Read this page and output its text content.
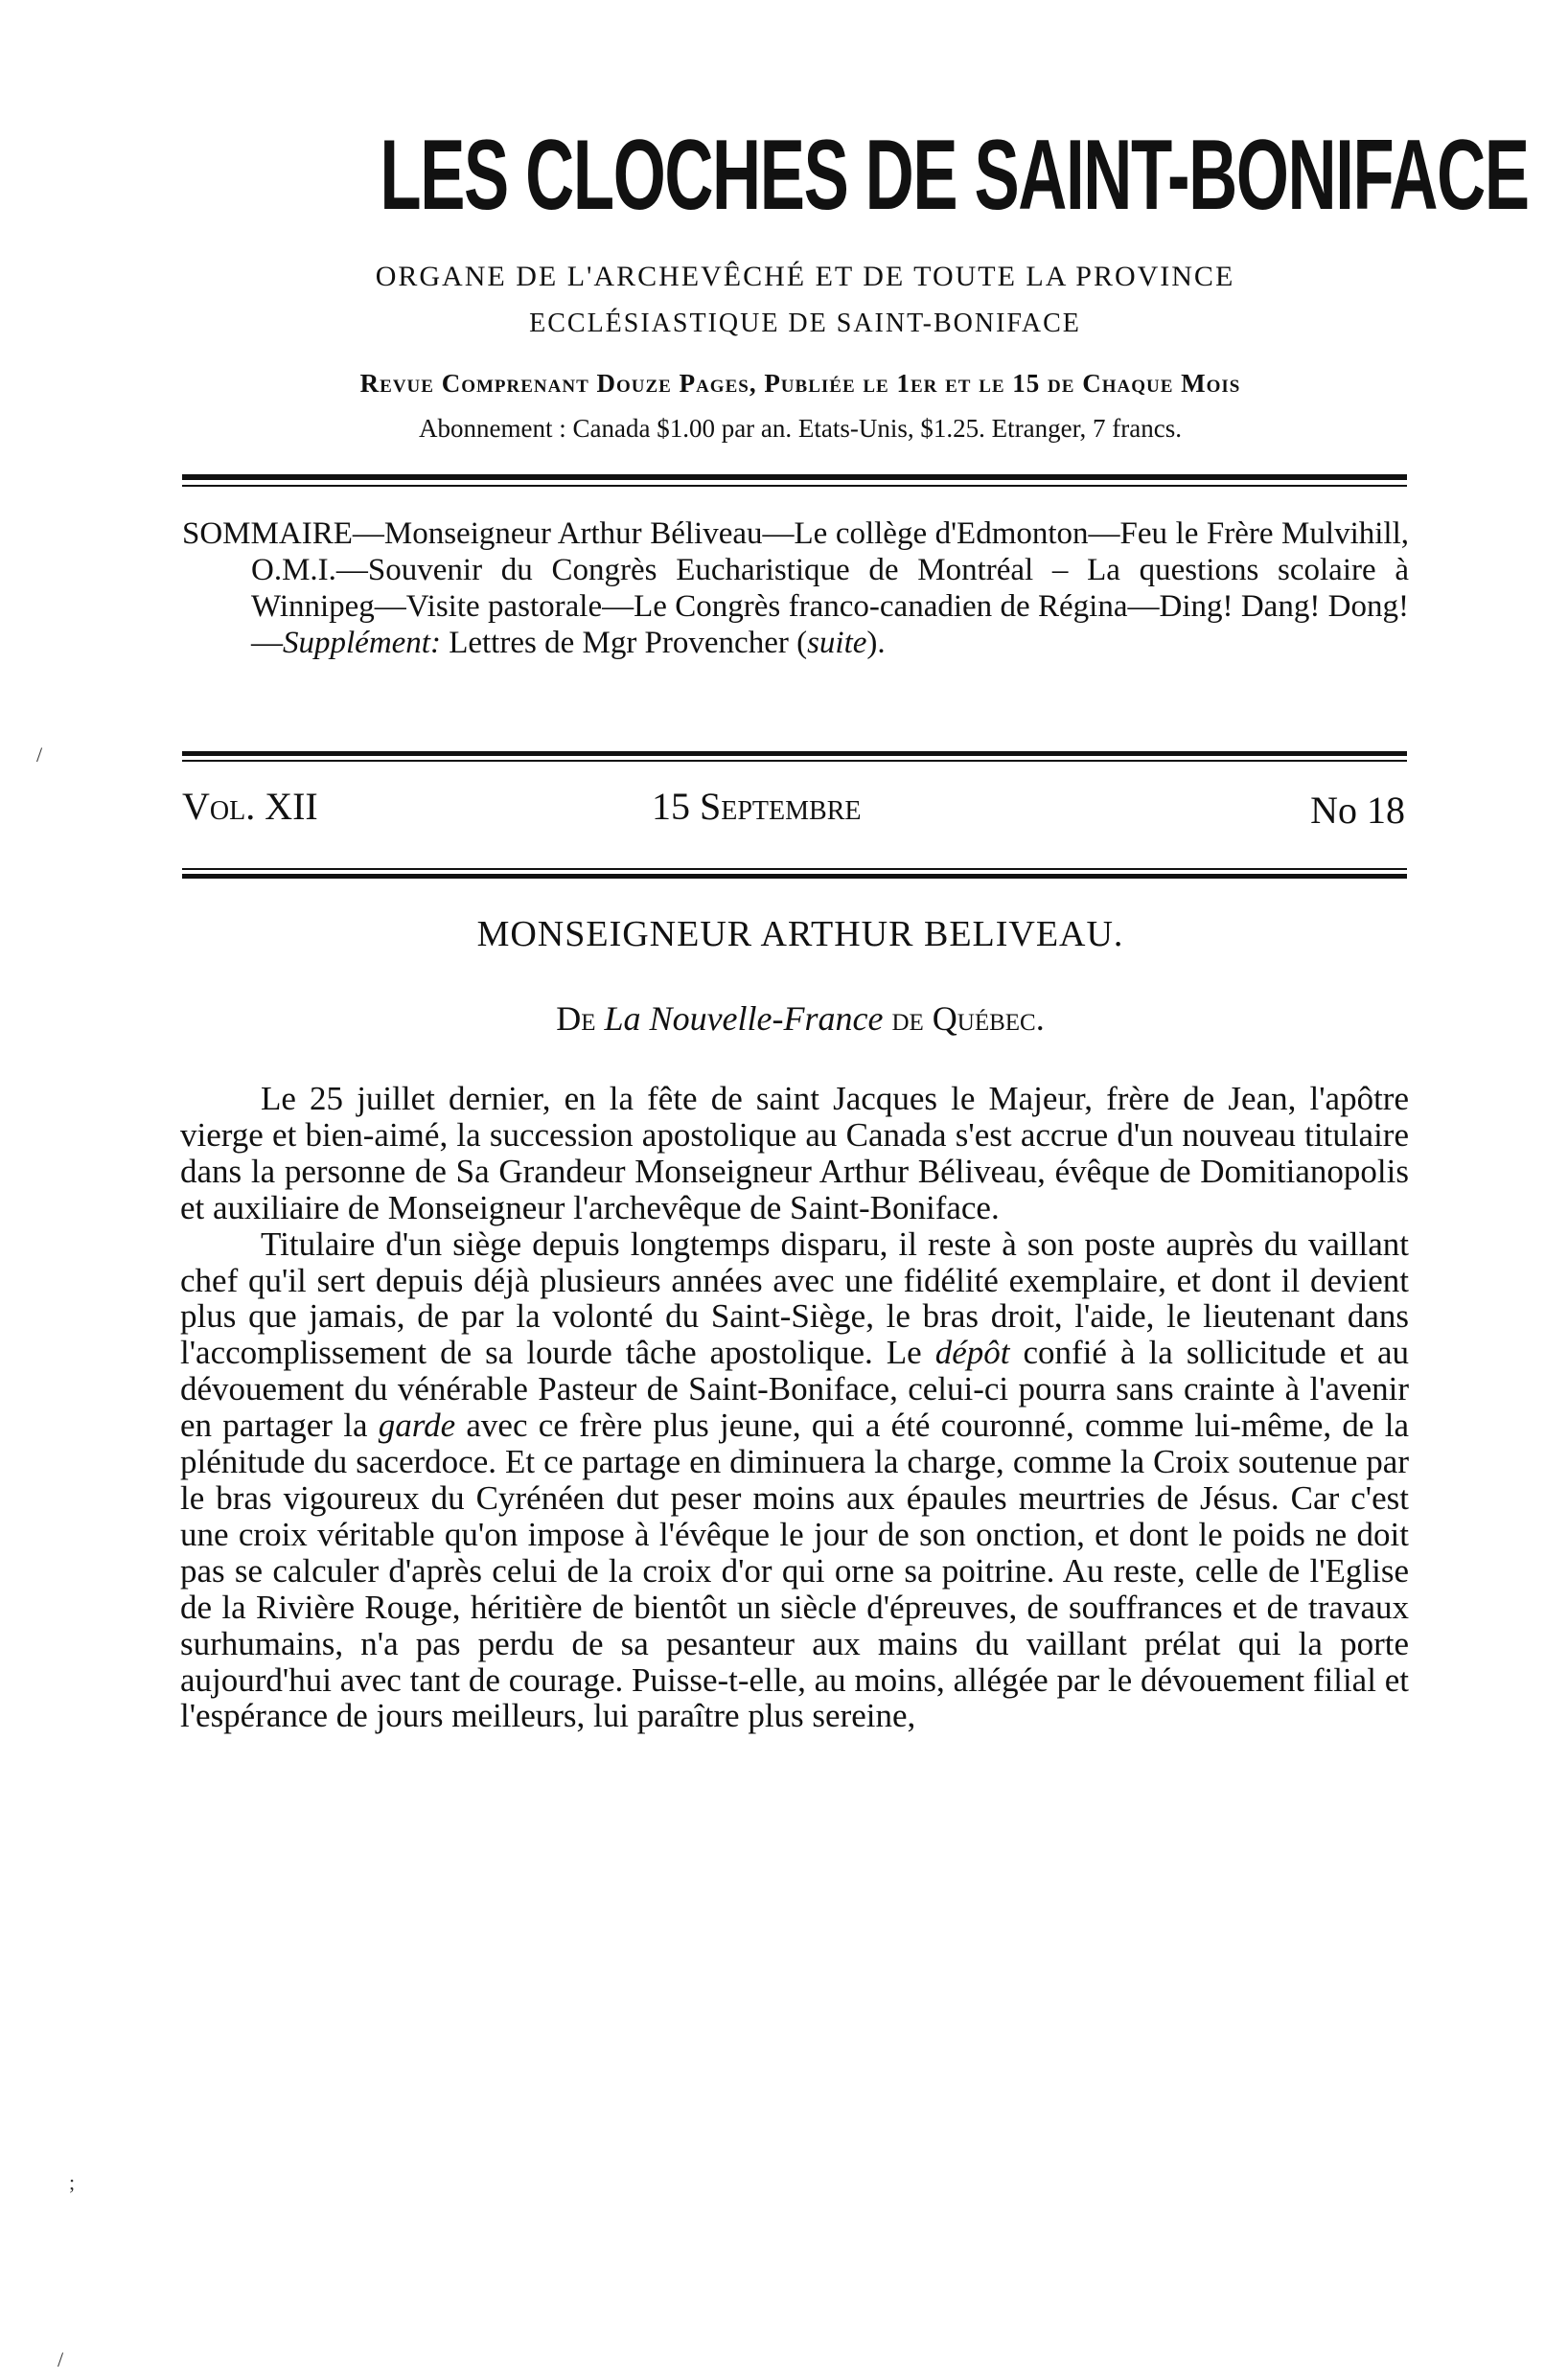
LES CLOCHES DE SAINT-BONIFACE
ORGANE DE L'ARCHEVÊCHÉ ET DE TOUTE LA PROVINCE
ECCLÉSIASTIQUE DE SAINT-BONIFACE
Revue Comprenant Douze Pages, Publiée le 1er et le 15 de Chaque Mois
Abonnement : Canada $1.00 par an. Etats-Unis, $1.25. Etranger, 7 francs.

SOMMAIRE—Monseigneur Arthur Béliveau—Le collège d'Edmonton—Feu le Frère Mulvihill, O.M.I.—Souvenir du Congrès Eucharistique de Montréal – La questions scolaire à Winnipeg—Visite pastorale—Le Congrès franco-canadien de Régina—Ding! Dang! Dong!—Supplément: Lettres de Mgr Provencher (suite).

Vol. XII	15 Septembre	No 18
MONSEIGNEUR ARTHUR BELIVEAU.
De La Nouvelle-France de Québec.

Le 25 juillet dernier, en la fête de saint Jacques le Majeur, frère de Jean, l'apôtre vierge et bien-aimé, la succession apostolique au Canada s'est accrue d'un nouveau titulaire dans la personne de Sa Grandeur Monseigneur Arthur Béliveau, évêque de Domitianopolis et auxiliaire de Monseigneur l'archevêque de Saint-Boniface.

Titulaire d'un siège depuis longtemps disparu, il reste à son poste auprès du vaillant chef qu'il sert depuis déjà plusieurs années avec une fidélité exemplaire, et dont il devient plus que jamais, de par la volonté du Saint-Siège, le bras droit, l'aide, le lieutenant dans l'accomplissement de sa lourde tâche apostolique. Le dépôt confié à la sollicitude et au dévouement du vénérable Pasteur de Saint-Boniface, celui-ci pourra sans crainte à l'avenir en partager la garde avec ce frère plus jeune, qui a été couronné, comme lui-même, de la plénitude du sacerdoce. Et ce partage en diminuera la charge, comme la Croix soutenue par le bras vigoureux du Cyrénéen dut peser moins aux épaules meurtries de Jésus. Car c'est une croix véritable qu'on impose à l'évêque le jour de son onction, et dont le poids ne doit pas se calculer d'après celui de la croix d'or qui orne sa poitrine. Au reste, celle de l'Eglise de la Rivière Rouge, héritière de bientôt un siècle d'épreuves, de souffrances et de travaux surhumains, n'a pas perdu de sa pesanteur aux mains du vaillant prélat qui la porte aujourd'hui avec tant de courage. Puisse-t-elle, au moins, allégée par le dévouement filial et l'espérance de jours meilleurs, lui paraître plus sereine,

/
;
/
